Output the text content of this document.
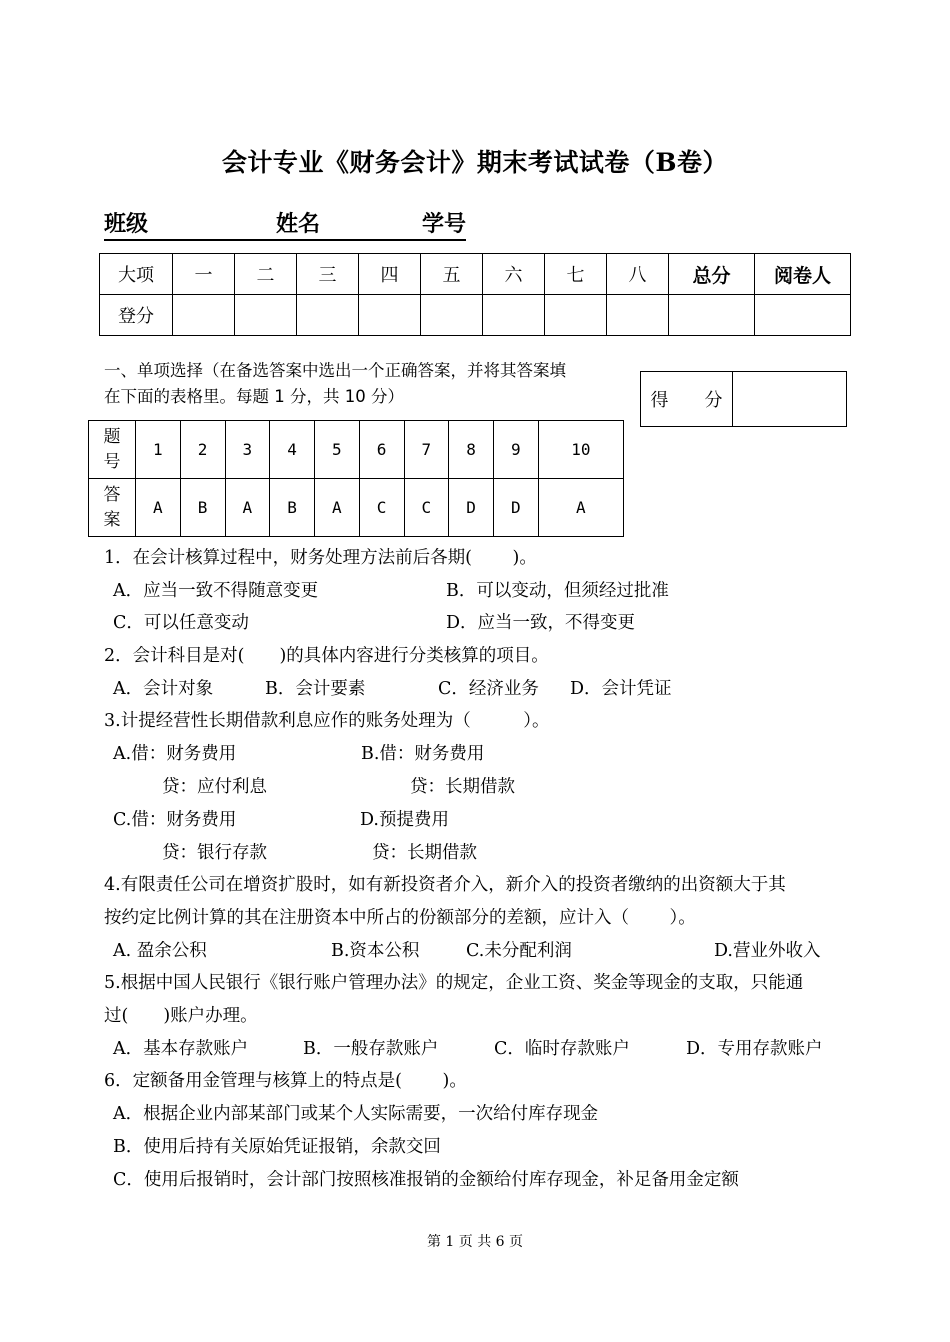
会计专业《财务会计》期末考试试卷（B卷）
班级	姓名	学号
大项	一	二	三	四	五	六	七	八	总分	阅卷人
登分										
一、单项选择（在备选答案中选出一个正确答案，并将其答案填
在下面的表格里。每题 1 分，共 10 分）	得　　分	
题号	1	2	3	4	5	6	7	8	9	10

答案	A	B	A	B	A	C	C	D	D	A
1．在会计核算过程中，财务处理方法前后各期(　　 )。
A．应当一致不得随意变更	B．可以变动，但须经过批准
C．可以任意变动	D．应当一致，不得变更
2．会计科目是对(　　)的具体内容进行分类核算的项目。
A．会计对象	B．会计要素	C．经济业务 D．会计凭证
3.计提经营性长期借款利息应作的账务处理为（　　　）。
A.借：财务费用	B.借：财务费用
贷：应付利息	贷：长期借款
C.借：财务费用	D.预提费用
贷：银行存款	贷：长期借款
4.有限责任公司在增资扩股时，如有新投资者介入，新介入的投资者缴纳的出资额大于其
按约定比例计算的其在注册资本中所占的份额部分的差额，应计入（　　 ）。
A. 盈余公积	B.资本公积	C.未分配利润	D.营业外收入
5.根据中国人民银行《银行账户管理办法》的规定，企业工资、奖金等现金的支取，只能通
过(　　)账户办理。
A．基本存款账户	B．一般存款账户	C．临时存款账户	D．专用存款账户
6．定额备用金管理与核算上的特点是(　　 )。
A．根据企业内部某部门或某个人实际需要，一次给付库存现金
B．使用后持有关原始凭证报销，余款交回
C．使用后报销时，会计部门按照核准报销的金额给付库存现金，补足备用金定额
第 1 页 共 6 页
